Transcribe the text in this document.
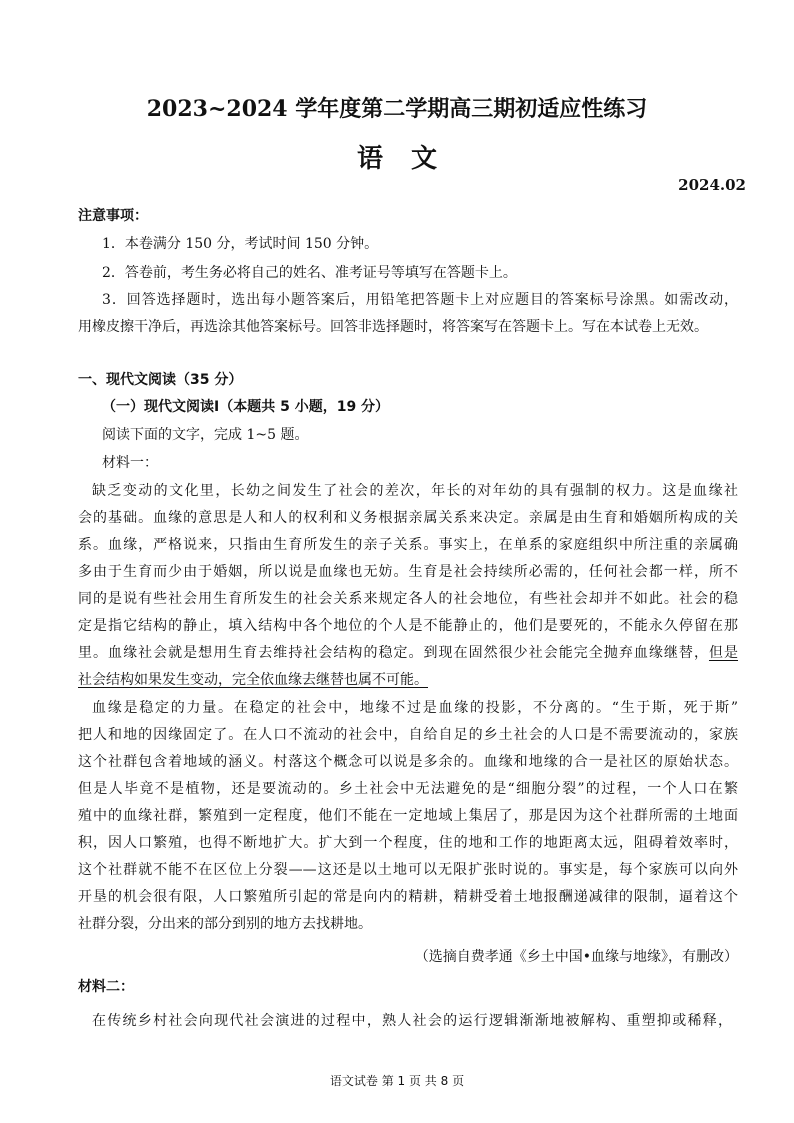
2023~2024 学年度第二学期高三期初适应性练习
语文
2024.02
注意事项：
1．本卷满分 150 分，考试时间 150 分钟。
2．答卷前，考生务必将自己的姓名、准考证号等填写在答题卡上。
3．回答选择题时，选出每小题答案后，用铅笔把答题卡上对应题目的答案标号涂黑。如需改动，
用橡皮擦干净后，再选涂其他答案标号。回答非选择题时，将答案写在答题卡上。写在本试卷上无效。
一、现代文阅读（35 分）
（一）现代文阅读Ⅰ（本题共 5 小题，19 分）
阅读下面的文字，完成 1~5 题。
材料一：
缺乏变动的文化里，长幼之间发生了社会的差次，年长的对年幼的具有强制的权力。这是血缘社
会的基础。血缘的意思是人和人的权利和义务根据亲属关系来决定。亲属是由生育和婚姻所构成的关
系。血缘，严格说来，只指由生育所发生的亲子关系。事实上，在单系的家庭组织中所注重的亲属确
多由于生育而少由于婚姻，所以说是血缘也无妨。生育是社会持续所必需的，任何社会都一样，所不
同的是说有些社会用生育所发生的社会关系来规定各人的社会地位，有些社会却并不如此。社会的稳
定是指它结构的静止，填入结构中各个地位的个人是不能静止的，他们是要死的，不能永久停留在那
里。血缘社会就是想用生育去维持社会结构的稳定。到现在固然很少社会能完全抛弃血缘继替，但是
社会结构如果发生变动，完全依血缘去继替也属不可能。
血缘是稳定的力量。在稳定的社会中，地缘不过是血缘的投影，不分离的。“生于斯，死于斯”
把人和地的因缘固定了。在人口不流动的社会中，自给自足的乡土社会的人口是不需要流动的，家族
这个社群包含着地域的涵义。村落这个概念可以说是多余的。血缘和地缘的合一是社区的原始状态。
但是人毕竟不是植物，还是要流动的。乡土社会中无法避免的是“细胞分裂”的过程，一个人口在繁
殖中的血缘社群，繁殖到一定程度，他们不能在一定地域上集居了，那是因为这个社群所需的土地面
积，因人口繁殖，也得不断地扩大。扩大到一个程度，住的地和工作的地距离太远，阻碍着效率时，
这个社群就不能不在区位上分裂——这还是以土地可以无限扩张时说的。事实是，每个家族可以向外
开垦的机会很有限，人口繁殖所引起的常是向内的精耕，精耕受着土地报酬递减律的限制，逼着这个
社群分裂，分出来的部分到别的地方去找耕地。
（选摘自费孝通《乡土中国•血缘与地缘》，有删改）
材料二：
在传统乡村社会向现代社会演进的过程中，熟人社会的运行逻辑渐渐地被解构、重塑抑或稀释，
语文试卷 第 1 页 共 8 页
